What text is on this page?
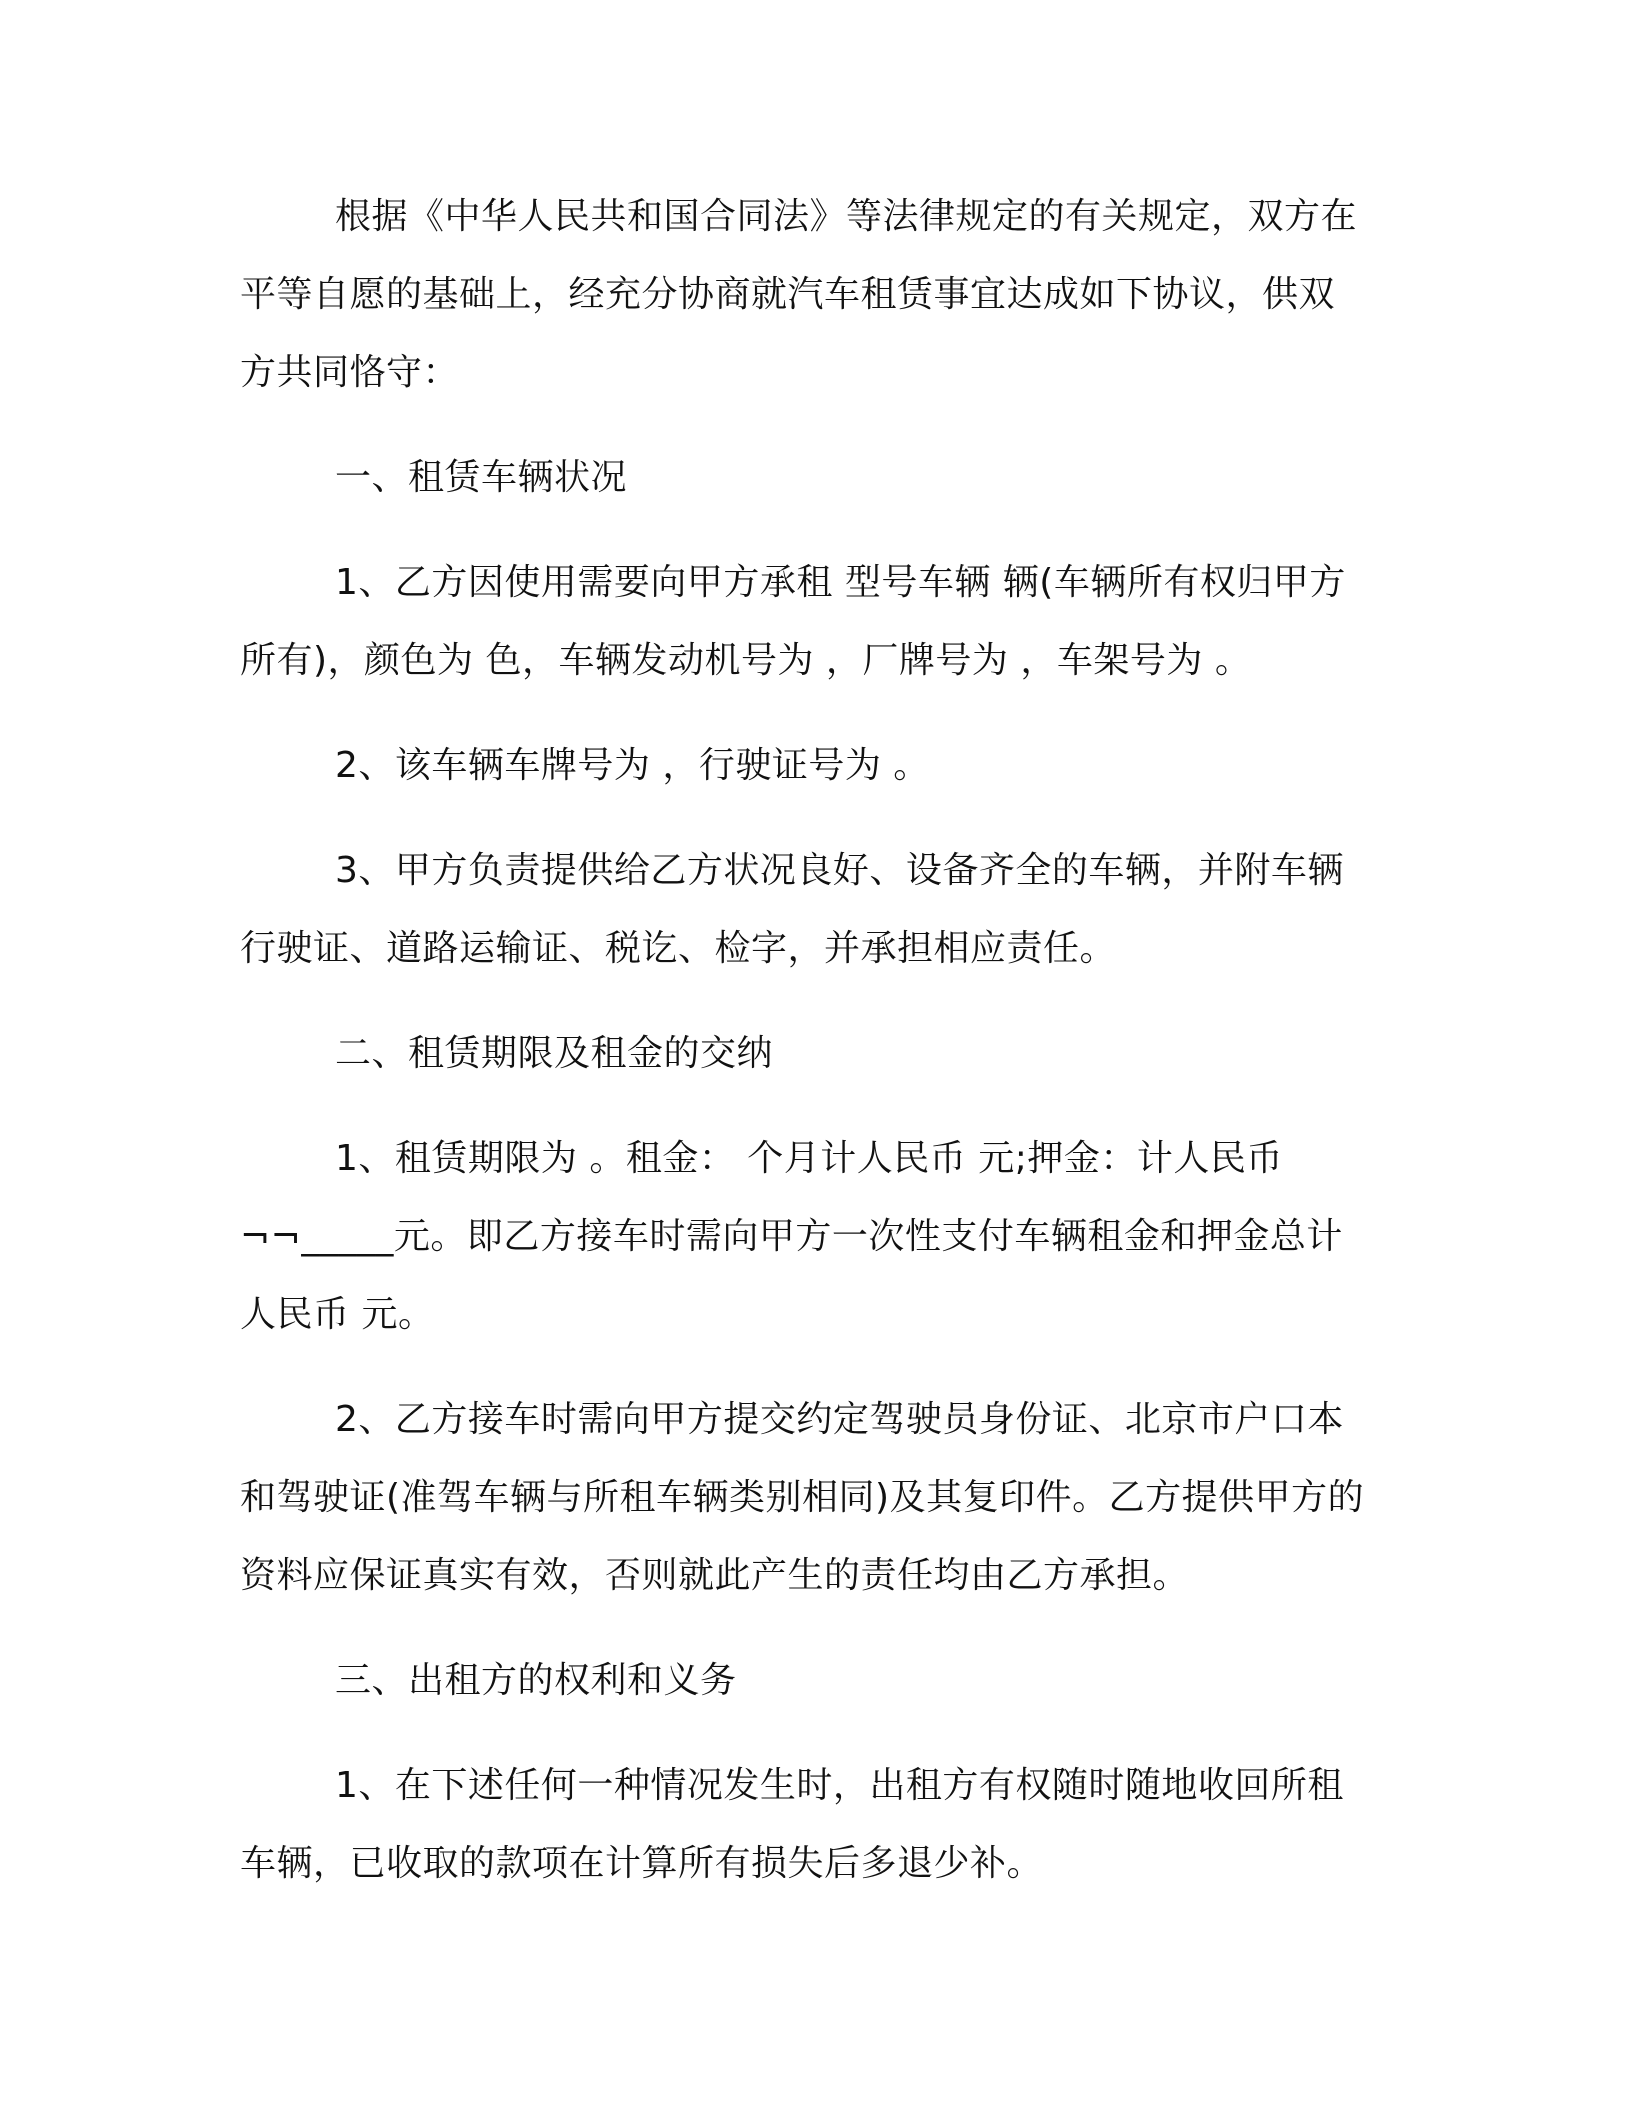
根据《中华人民共和国合同法》等法律规定的有关规定，双方在
平等自愿的基础上，经充分协商就汽车租赁事宜达成如下协议，供双
方共同恪守：

一、租赁车辆状况

1、乙方因使用需要向甲方承租 型号车辆 辆(车辆所有权归甲方
所有)，颜色为 色，车辆发动机号为 ，厂牌号为 ，车架号为 。

2、该车辆车牌号为 ，行驶证号为 。

3、甲方负责提供给乙方状况良好、设备齐全的车辆，并附车辆
行驶证、道路运输证、税讫、检字，并承担相应责任。

二、租赁期限及租金的交纳

1、租赁期限为 。租金： 个月计人民币 元;押金：计人民币
¬¬_____元。即乙方接车时需向甲方一次性支付车辆租金和押金总计
人民币 元。

2、乙方接车时需向甲方提交约定驾驶员身份证、北京市户口本
和驾驶证(准驾车辆与所租车辆类别相同)及其复印件。乙方提供甲方的
资料应保证真实有效，否则就此产生的责任均由乙方承担。

三、出租方的权利和义务

1、在下述任何一种情况发生时，出租方有权随时随地收回所租
车辆，已收取的款项在计算所有损失后多退少补。
